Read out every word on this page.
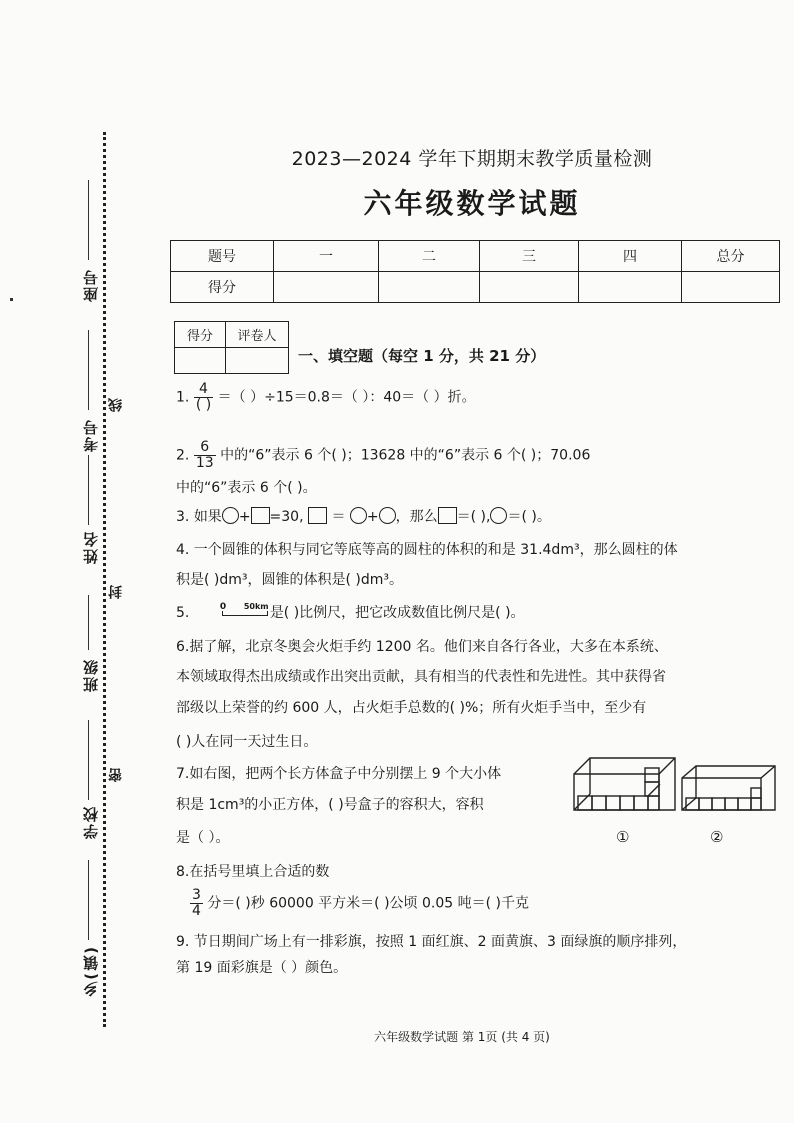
座号
考号
姓名
班级
学校
乡(镇)
线
封
密
2023—2024 学年下期期末教学质量检测
六年级数学试题
题号	一	二	三	四	总分
得分					
得分	评卷人

一、填空题（每空 1 分，共 21 分）
1. $\frac{4}{( )}$ ＝（ ）÷15＝0.8＝（ ）：40＝（ ）折。
2. $\frac{6}{13}$ 中的“6”表示 6 个( )；13628 中的“6”表示 6 个( )；70.06
中的“6”表示 6 个( )。
3. 如果 + =30, ＝ + ，那么 ＝( ), ＝( )。
4. 一个圆锥的体积与同它等底等高的圆柱的体积的和是 31.4dm³，那么圆柱的体
积是( )dm³，圆锥的体积是( )dm³。
5.	0 50km 是( )比例尺，把它改成数值比例尺是( )。
6.据了解，北京冬奥会火炬手约 1200 名。他们来自各行各业，大多在本系统、
本领域取得杰出成绩或作出突出贡献，具有相当的代表性和先进性。其中获得省
部级以上荣誉的约 600 人，占火炬手总数的( )%；所有火炬手当中，至少有
( )人在同一天过生日。
7.如右图，把两个长方体盒子中分别摆上 9 个大小体
积是 1cm³的小正方体，( )号盒子的容积大，容积
是（ ）。	①	②
8.在括号里填上合适的数
$\frac{3}{4}$ 分＝( )秒 60000 平方米＝( )公顷 0.05 吨＝( )千克
9. 节日期间广场上有一排彩旗，按照 1 面红旗、2 面黄旗、3 面绿旗的顺序排列，
第 19 面彩旗是（ ）颜色。
六年级数学试题 第 1页 (共 4 页)
